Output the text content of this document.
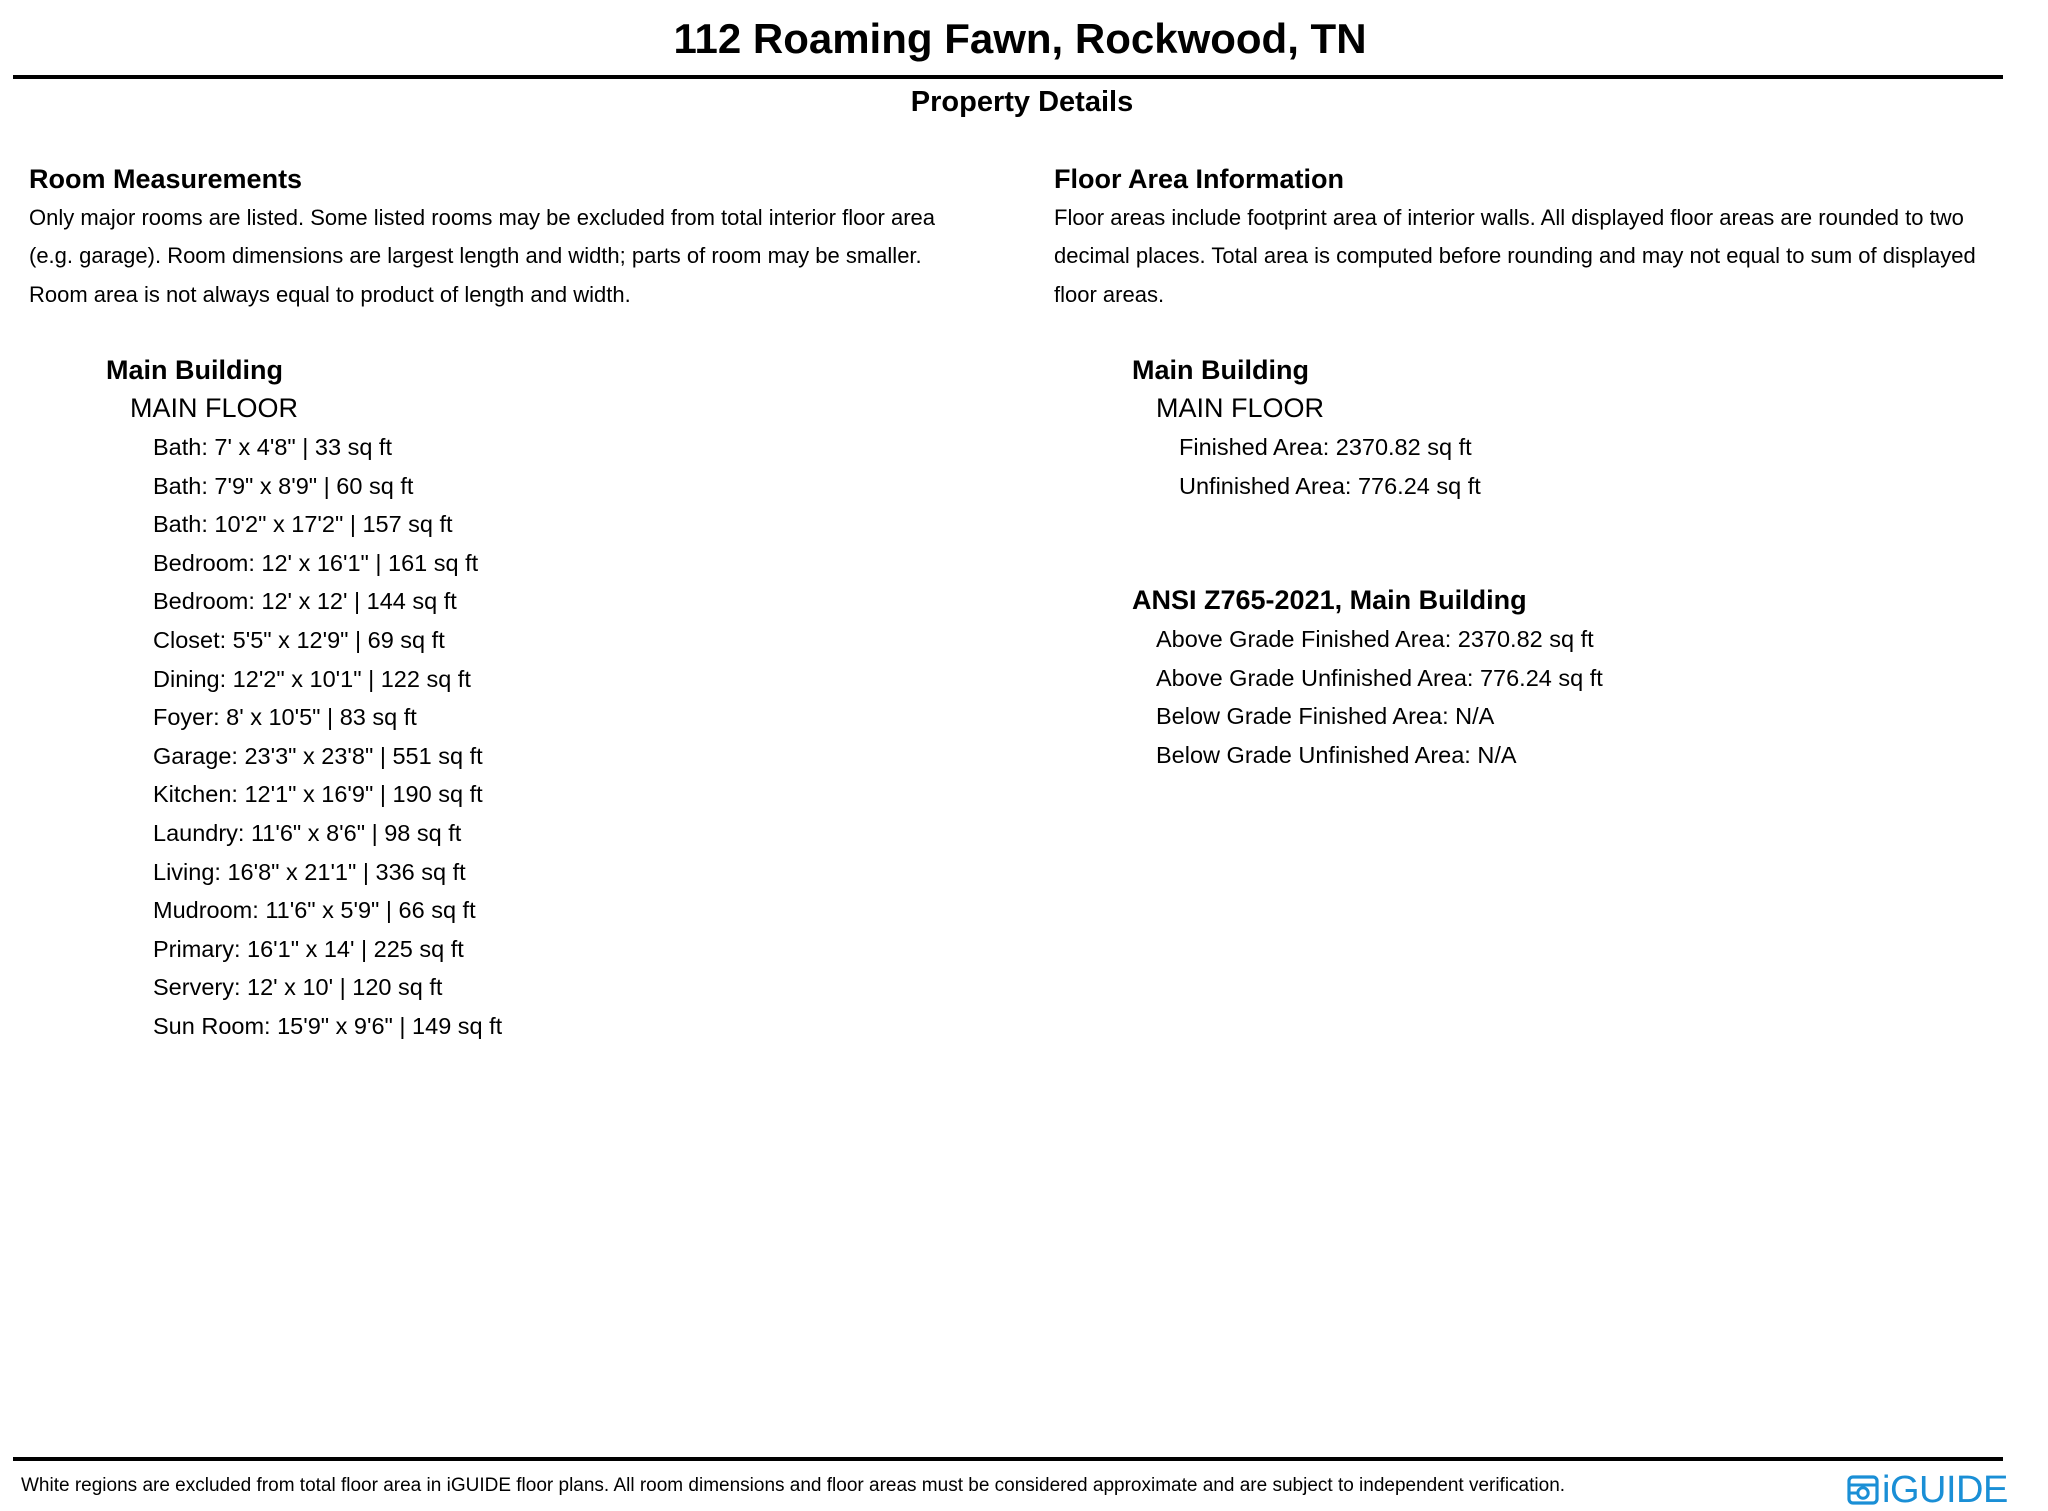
112 Roaming Fawn, Rockwood, TN
Property Details
Room Measurements
Only major rooms are listed. Some listed rooms may be excluded from total interior floor area
(e.g. garage). Room dimensions are largest length and width; parts of room may be smaller.
Room area is not always equal to product of length and width.
Main Building
MAIN FLOOR
Bath: 7' x 4'8" | 33 sq ft
Bath: 7'9" x 8'9" | 60 sq ft
Bath: 10'2" x 17'2" | 157 sq ft
Bedroom: 12' x 16'1" | 161 sq ft
Bedroom: 12' x 12' | 144 sq ft
Closet: 5'5" x 12'9" | 69 sq ft
Dining: 12'2" x 10'1" | 122 sq ft
Foyer: 8' x 10'5" | 83 sq ft
Garage: 23'3" x 23'8" | 551 sq ft
Kitchen: 12'1" x 16'9" | 190 sq ft
Laundry: 11'6" x 8'6" | 98 sq ft
Living: 16'8" x 21'1" | 336 sq ft
Mudroom: 11'6" x 5'9" | 66 sq ft
Primary: 16'1" x 14' | 225 sq ft
Servery: 12' x 10' | 120 sq ft
Sun Room: 15'9" x 9'6" | 149 sq ft
Floor Area Information
Floor areas include footprint area of interior walls. All displayed floor areas are rounded to two
decimal places. Total area is computed before rounding and may not equal to sum of displayed
floor areas.
Main Building
MAIN FLOOR
Finished Area: 2370.82 sq ft
Unfinished Area: 776.24 sq ft
ANSI Z765-2021, Main Building
Above Grade Finished Area: 2370.82 sq ft
Above Grade Unfinished Area: 776.24 sq ft
Below Grade Finished Area: N/A
Below Grade Unfinished Area: N/A
White regions are excluded from total floor area in iGUIDE floor plans. All room dimensions and floor areas must be considered approximate and are subject to independent verification.	iGUIDE
